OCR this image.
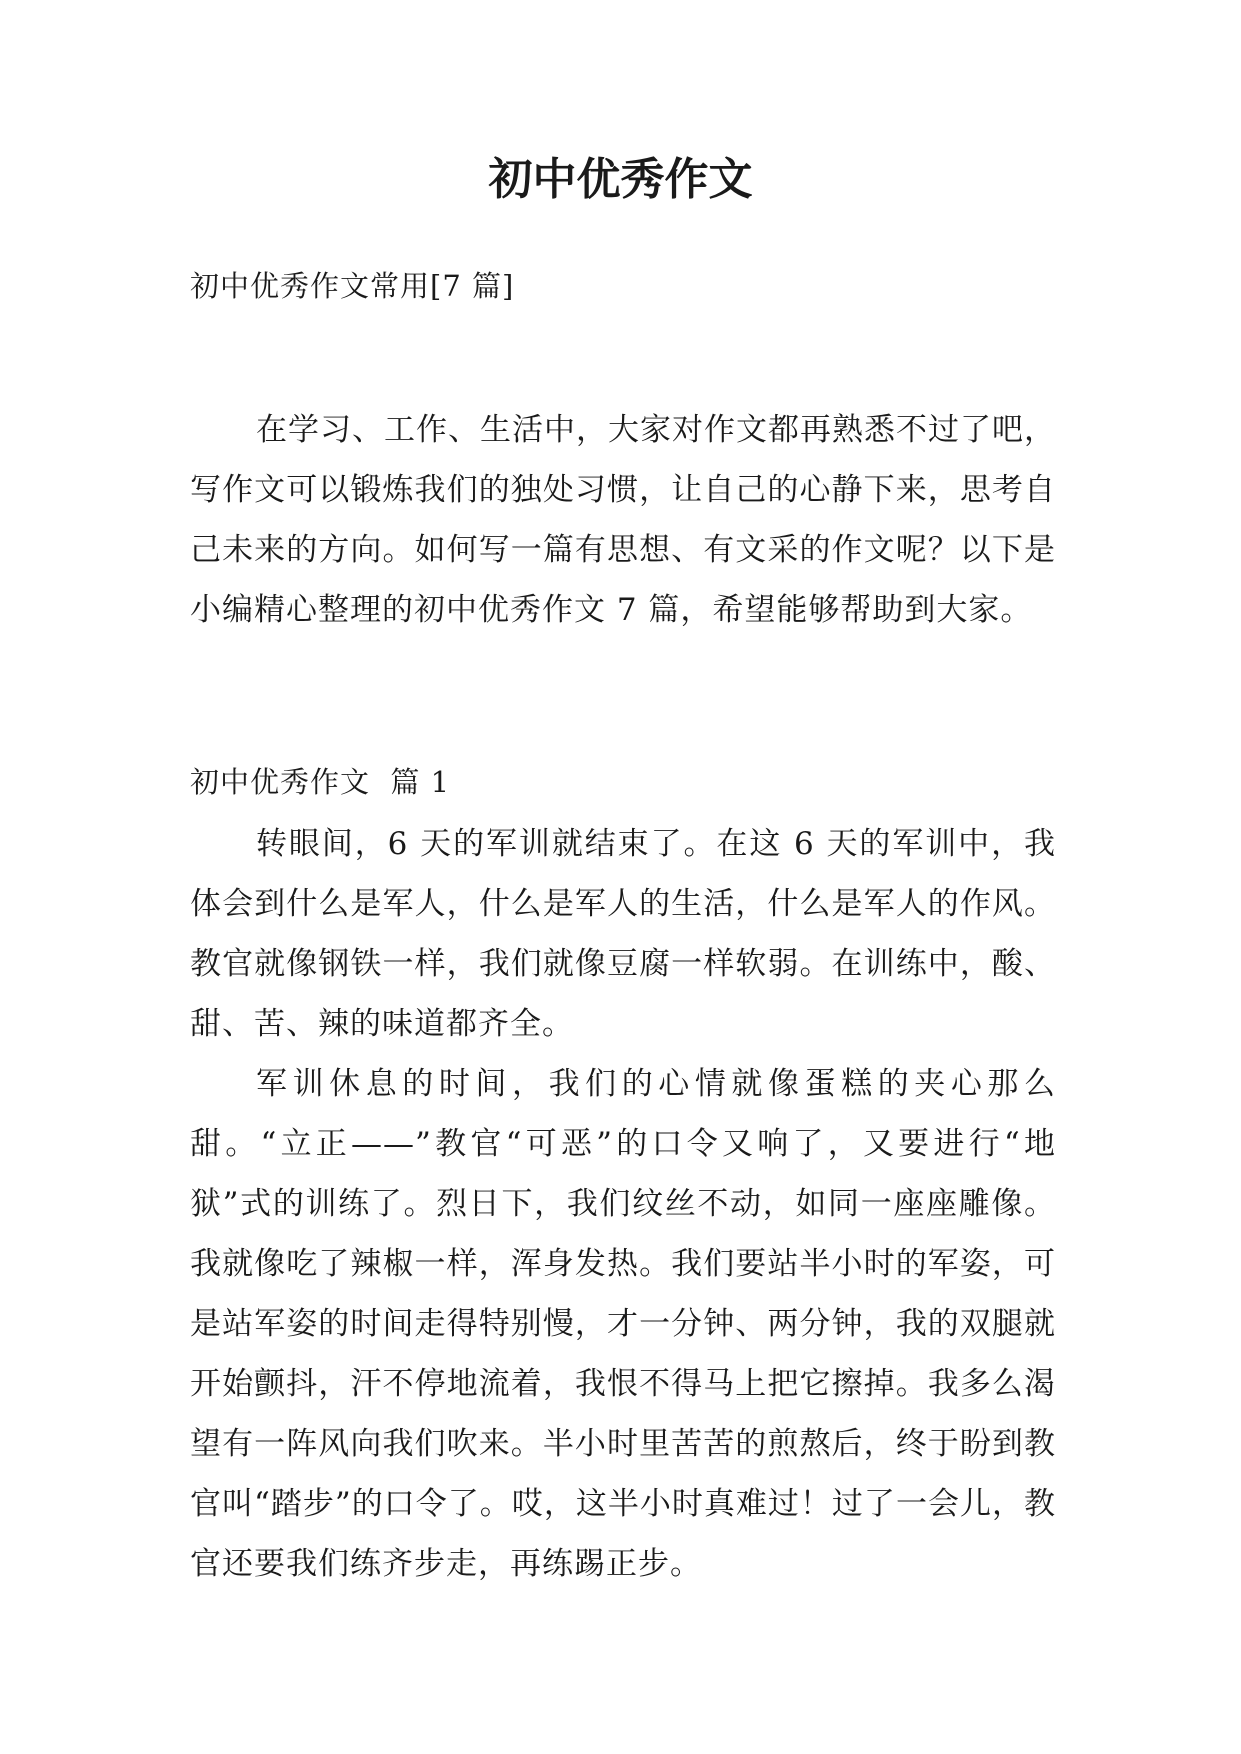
初中优秀作文

初中优秀作文常用[7 篇]

在学习、工作、生活中，大家对作文都再熟悉不过了吧，写作文可以锻炼我们的独处习惯，让自己的心静下来，思考自己未来的方向。如何写一篇有思想、有文采的作文呢？以下是小编精心整理的初中优秀作文 7 篇，希望能够帮助到大家。

初中优秀作文  篇 1

转眼间，6 天的军训就结束了。在这 6 天的军训中，我体会到什么是军人，什么是军人的生活，什么是军人的作风。教官就像钢铁一样，我们就像豆腐一样软弱。在训练中，酸、甜、苦、辣的味道都齐全。

军训休息的时间，我们的心情就像蛋糕的夹心那么甜。“立正——”教官“可恶”的口令又响了，又要进行“地狱”式的训练了。烈日下，我们纹丝不动，如同一座座雕像。我就像吃了辣椒一样，浑身发热。我们要站半小时的军姿，可是站军姿的时间走得特别慢，才一分钟、两分钟，我的双腿就开始颤抖，汗不停地流着，我恨不得马上把它擦掉。我多么渴望有一阵风向我们吹来。半小时里苦苦的煎熬后，终于盼到教官叫“踏步”的口令了。哎，这半小时真难过！过了一会儿，教官还要我们练齐步走，再练踢正步。
